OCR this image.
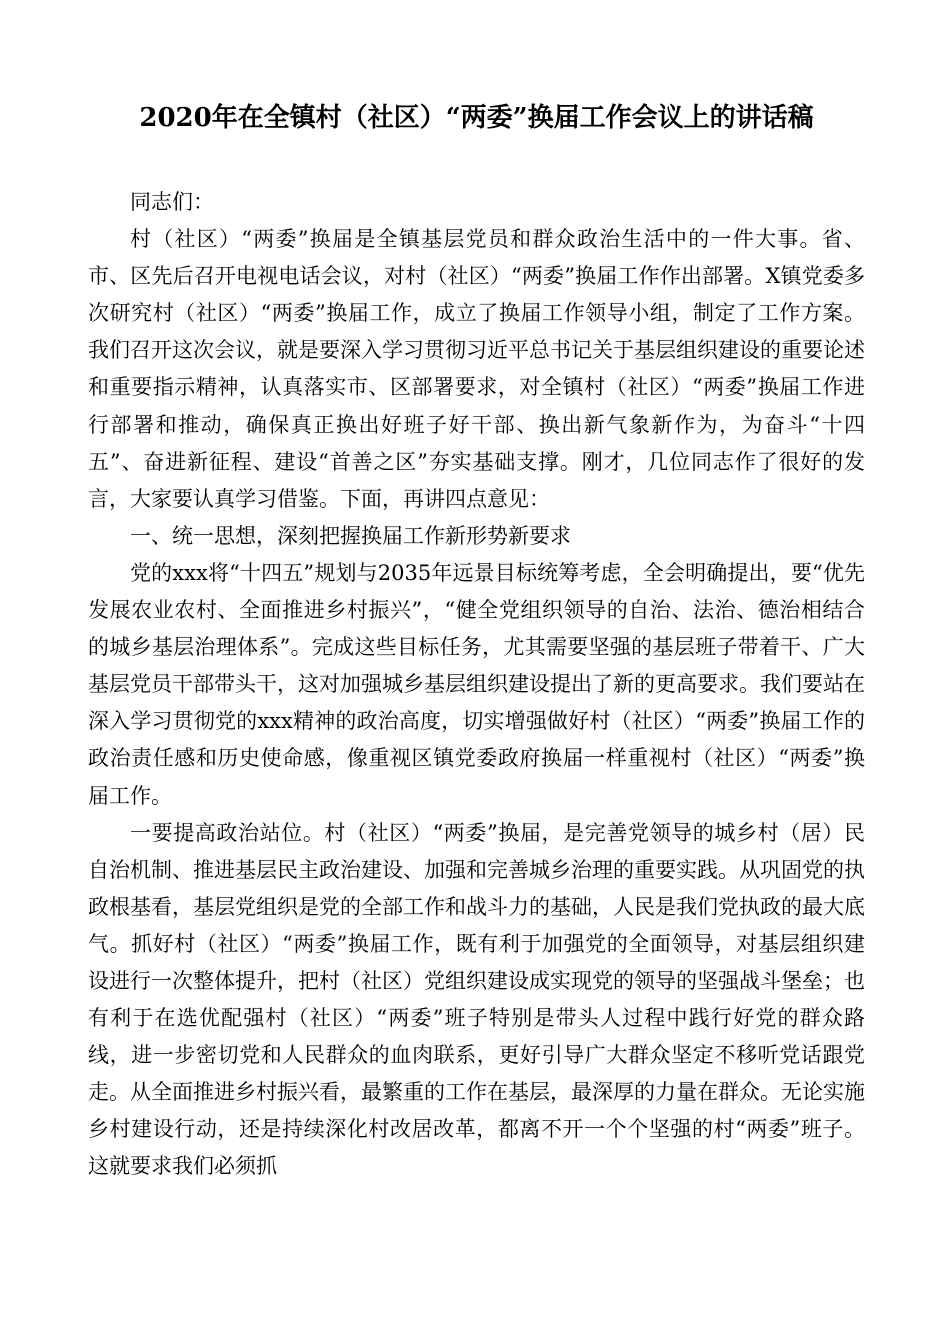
2020年在全镇村（社区）“两委”换届工作会议上的讲话稿

同志们：

村（社区）“两委”换届是全镇基层党员和群众政治生活中的一件大事。省、市、区先后召开电视电话会议，对村（社区）“两委”换届工作作出部署。X镇党委多次研究村（社区）“两委”换届工作，成立了换届工作领导小组，制定了工作方案。我们召开这次会议，就是要深入学习贯彻习近平总书记关于基层组织建设的重要论述和重要指示精神，认真落实市、区部署要求，对全镇村（社区）“两委”换届工作进行部署和推动，确保真正换出好班子好干部、换出新气象新作为，为奋斗“十四五”、奋进新征程、建设“首善之区”夯实基础支撑。刚才，几位同志作了很好的发言，大家要认真学习借鉴。下面，再讲四点意见：

一、统一思想，深刻把握换届工作新形势新要求

党的xxx将“十四五”规划与2035年远景目标统筹考虑，全会明确提出，要“优先发展农业农村、全面推进乡村振兴”，“健全党组织领导的自治、法治、德治相结合的城乡基层治理体系”。完成这些目标任务，尤其需要坚强的基层班子带着干、广大基层党员干部带头干，这对加强城乡基层组织建设提出了新的更高要求。我们要站在深入学习贯彻党的xxx精神的政治高度，切实增强做好村（社区）“两委”换届工作的政治责任感和历史使命感，像重视区镇党委政府换届一样重视村（社区）“两委”换届工作。

一要提高政治站位。村（社区）“两委”换届，是完善党领导的城乡村（居）民自治机制、推进基层民主政治建设、加强和完善城乡治理的重要实践。从巩固党的执政根基看，基层党组织是党的全部工作和战斗力的基础，人民是我们党执政的最大底气。抓好村（社区）“两委”换届工作，既有利于加强党的全面领导，对基层组织建设进行一次整体提升，把村（社区）党组织建设成实现党的领导的坚强战斗堡垒；也有利于在选优配强村（社区）“两委”班子特别是带头人过程中践行好党的群众路线，进一步密切党和人民群众的血肉联系，更好引导广大群众坚定不移听党话跟党走。从全面推进乡村振兴看，最繁重的工作在基层，最深厚的力量在群众。无论实施乡村建设行动，还是持续深化村改居改革，都离不开一个个坚强的村“两委”班子。这就要求我们必须抓
